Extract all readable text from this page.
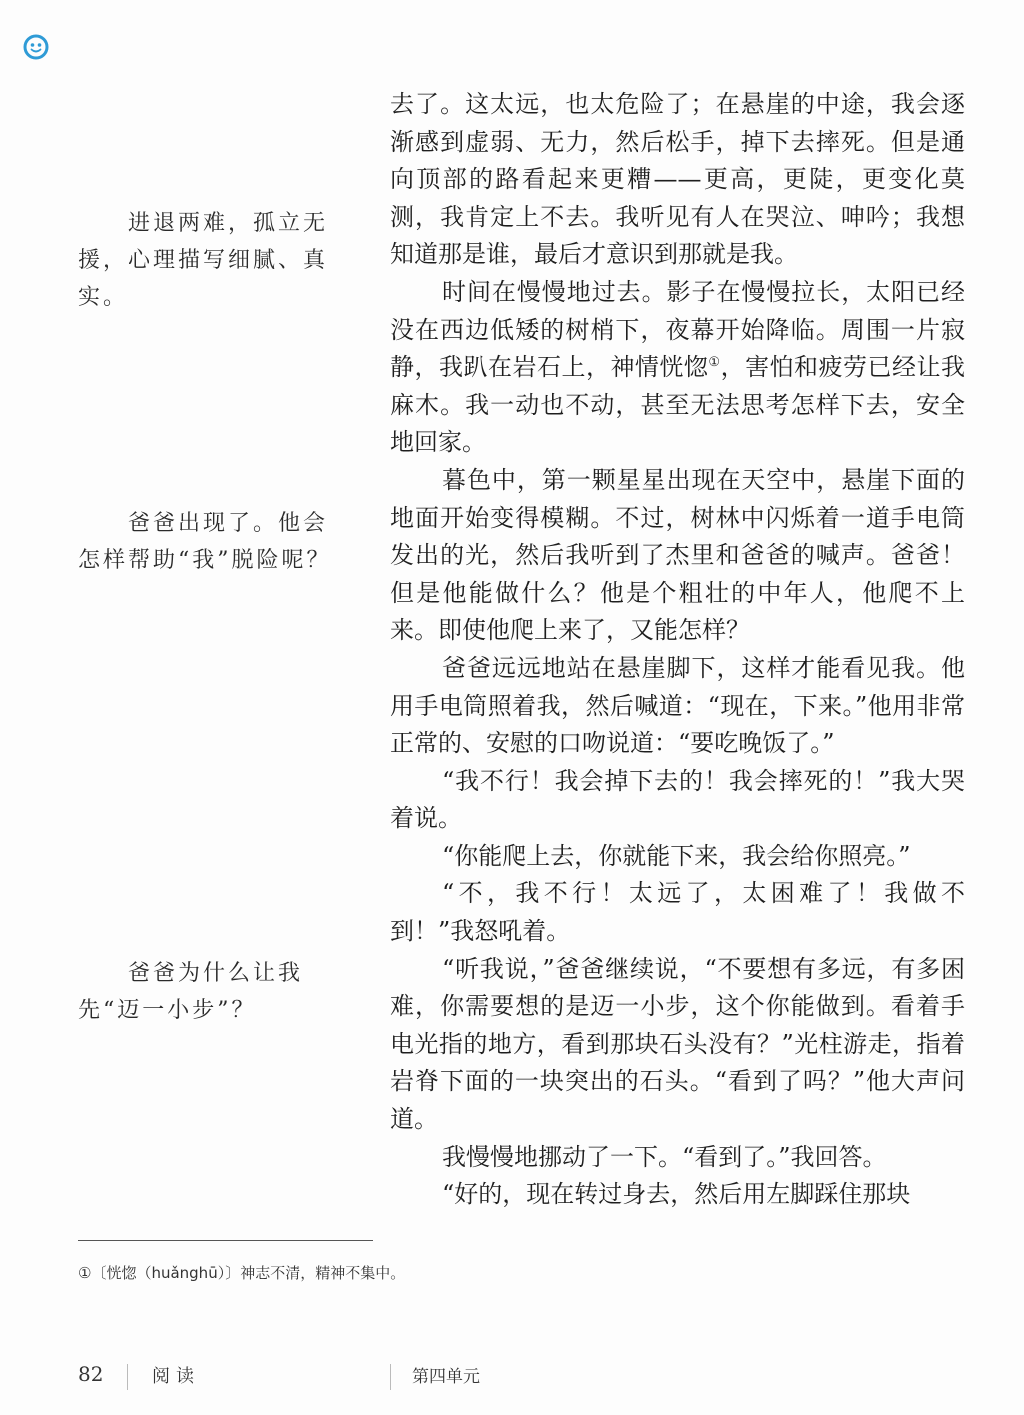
进退两难，孤立无援，心理描写细腻、真实。

爸爸出现了。他会怎样帮助“我”脱险呢？

爸爸为什么让我先“迈一小步”？

去了。这太远，也太危险了；在悬崖的中途，我会逐渐感到虚弱、无力，然后松手，掉下去摔死。但是通向顶部的路看起来更糟——更高，更陡，更变化莫测，我肯定上不去。我听见有人在哭泣、呻吟；我想知道那是谁，最后才意识到那就是我。

时间在慢慢地过去。影子在慢慢拉长，太阳已经没在西边低矮的树梢下，夜幕开始降临。周围一片寂静，我趴在岩石上，神情恍惚①，害怕和疲劳已经让我麻木。我一动也不动，甚至无法思考怎样下去，安全地回家。

暮色中，第一颗星星出现在天空中，悬崖下面的地面开始变得模糊。不过，树林中闪烁着一道手电筒发出的光，然后我听到了杰里和爸爸的喊声。爸爸！但是他能做什么？他是个粗壮的中年人，他爬不上来。即使他爬上来了，又能怎样？

爸爸远远地站在悬崖脚下，这样才能看见我。他用手电筒照着我，然后喊道：“现在，下来。”他用非常正常的、安慰的口吻说道：“要吃晚饭了。”

“我不行！我会掉下去的！我会摔死的！”我大哭着说。

“你能爬上去，你就能下来，我会给你照亮。”

“不，我不行！太远了，太困难了！我做不到！”我怒吼着。

“听我说，”爸爸继续说，“不要想有多远，有多困难，你需要想的是迈一小步，这个你能做到。看着手电光指的地方，看到那块石头没有？”光柱游走，指着岩脊下面的一块突出的石头。“看到了吗？”他大声问道。

我慢慢地挪动了一下。“看到了。”我回答。

“好的，现在转过身去，然后用左脚踩住那块

①〔恍惚（huǎnghū）〕神志不清，精神不集中。
82	阅读	第四单元
